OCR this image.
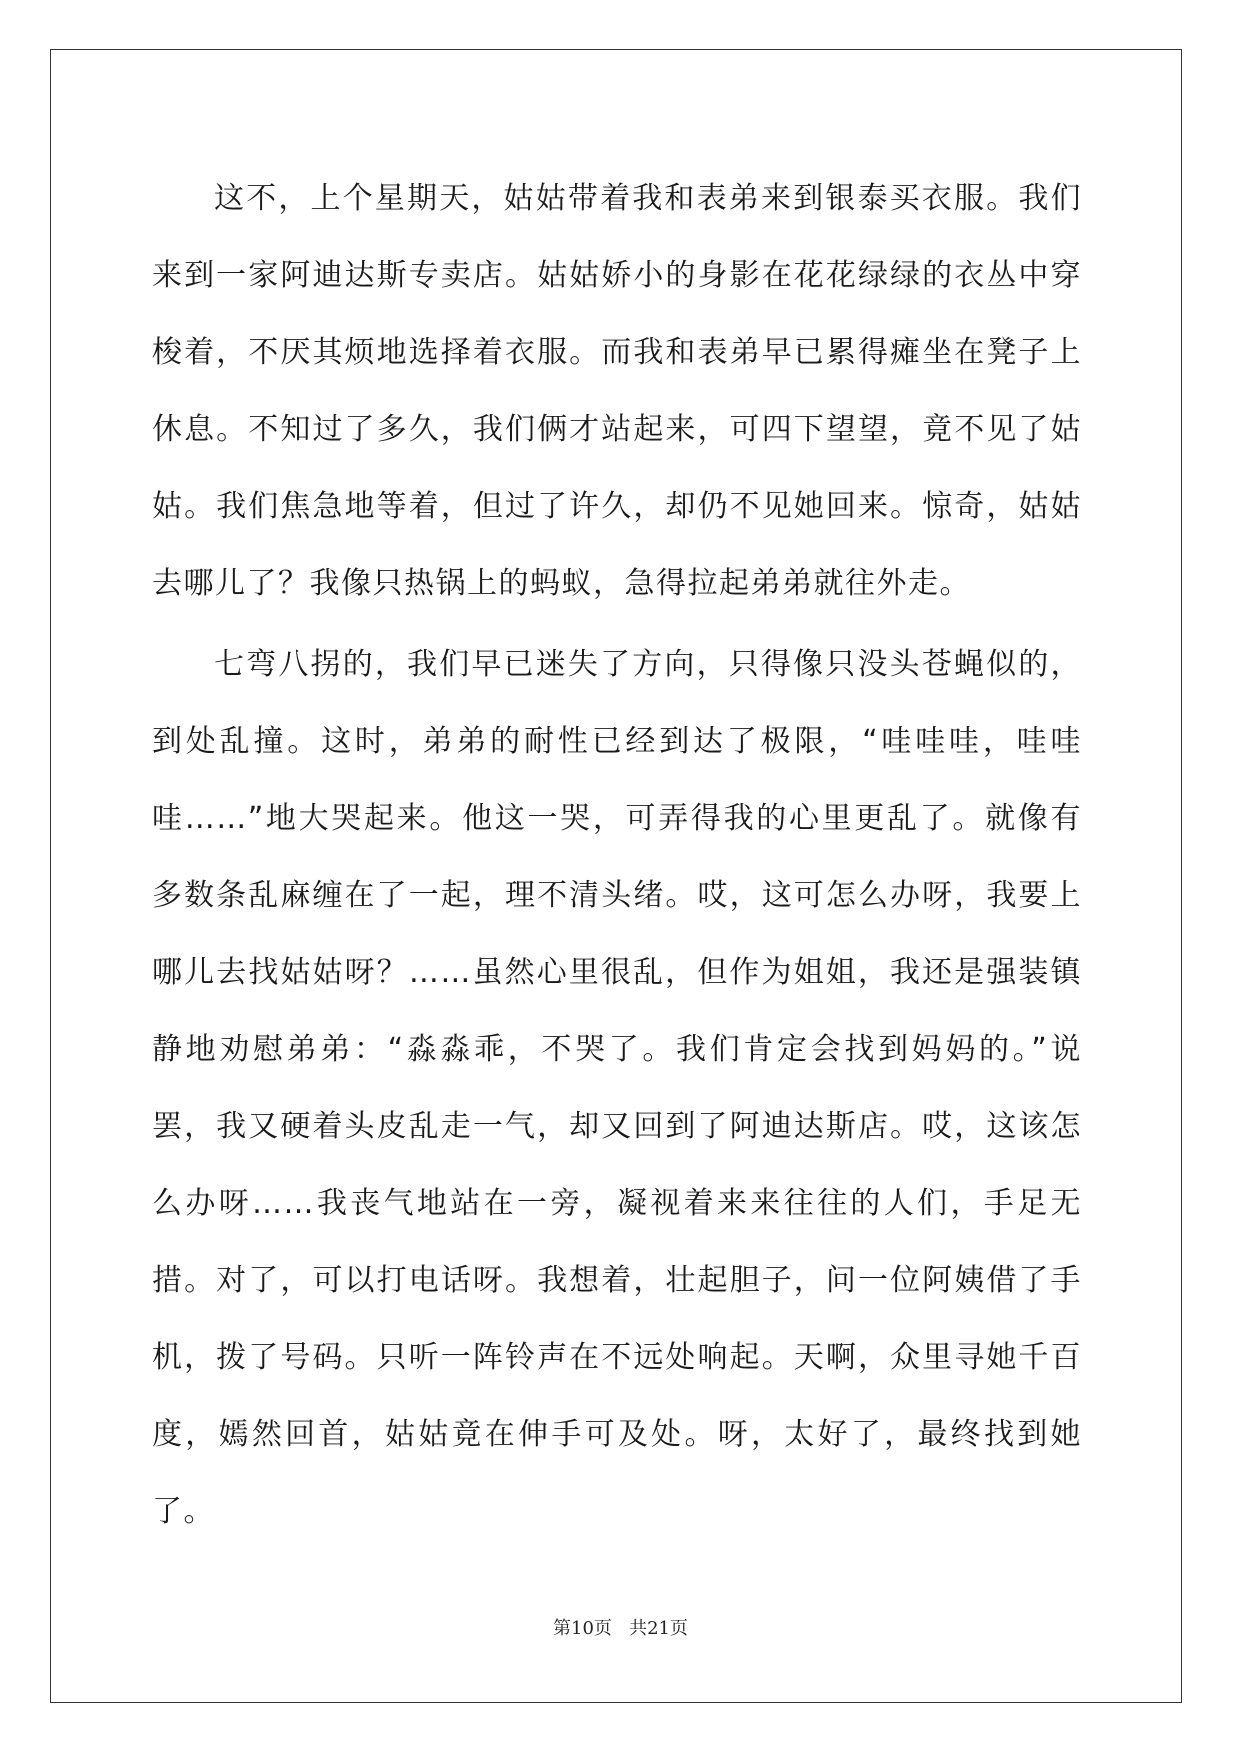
这不，上个星期天，姑姑带着我和表弟来到银泰买衣服。我们来到一家阿迪达斯专卖店。姑姑娇小的身影在花花绿绿的衣丛中穿梭着，不厌其烦地选择着衣服。而我和表弟早已累得瘫坐在凳子上休息。不知过了多久，我们俩才站起来，可四下望望，竟不见了姑姑。我们焦急地等着，但过了许久，却仍不见她回来。惊奇，姑姑去哪儿了？我像只热锅上的蚂蚁，急得拉起弟弟就往外走。

七弯八拐的，我们早已迷失了方向，只得像只没头苍蝇似的，到处乱撞。这时，弟弟的耐性已经到达了极限，“哇哇哇，哇哇哇……”地大哭起来。他这一哭，可弄得我的心里更乱了。就像有多数条乱麻缠在了一起，理不清头绪。哎，这可怎么办呀，我要上哪儿去找姑姑呀？……虽然心里很乱，但作为姐姐，我还是强装镇静地劝慰弟弟：“淼淼乖，不哭了。我们肯定会找到妈妈的。”说罢，我又硬着头皮乱走一气，却又回到了阿迪达斯店。哎，这该怎么办呀……我丧气地站在一旁，凝视着来来往往的人们，手足无措。对了，可以打电话呀。我想着，壮起胆子，问一位阿姨借了手机，拨了号码。只听一阵铃声在不远处响起。天啊，众里寻她千百度，嫣然回首，姑姑竟在伸手可及处。呀，太好了，最终找到她了。

第10页 共21页
